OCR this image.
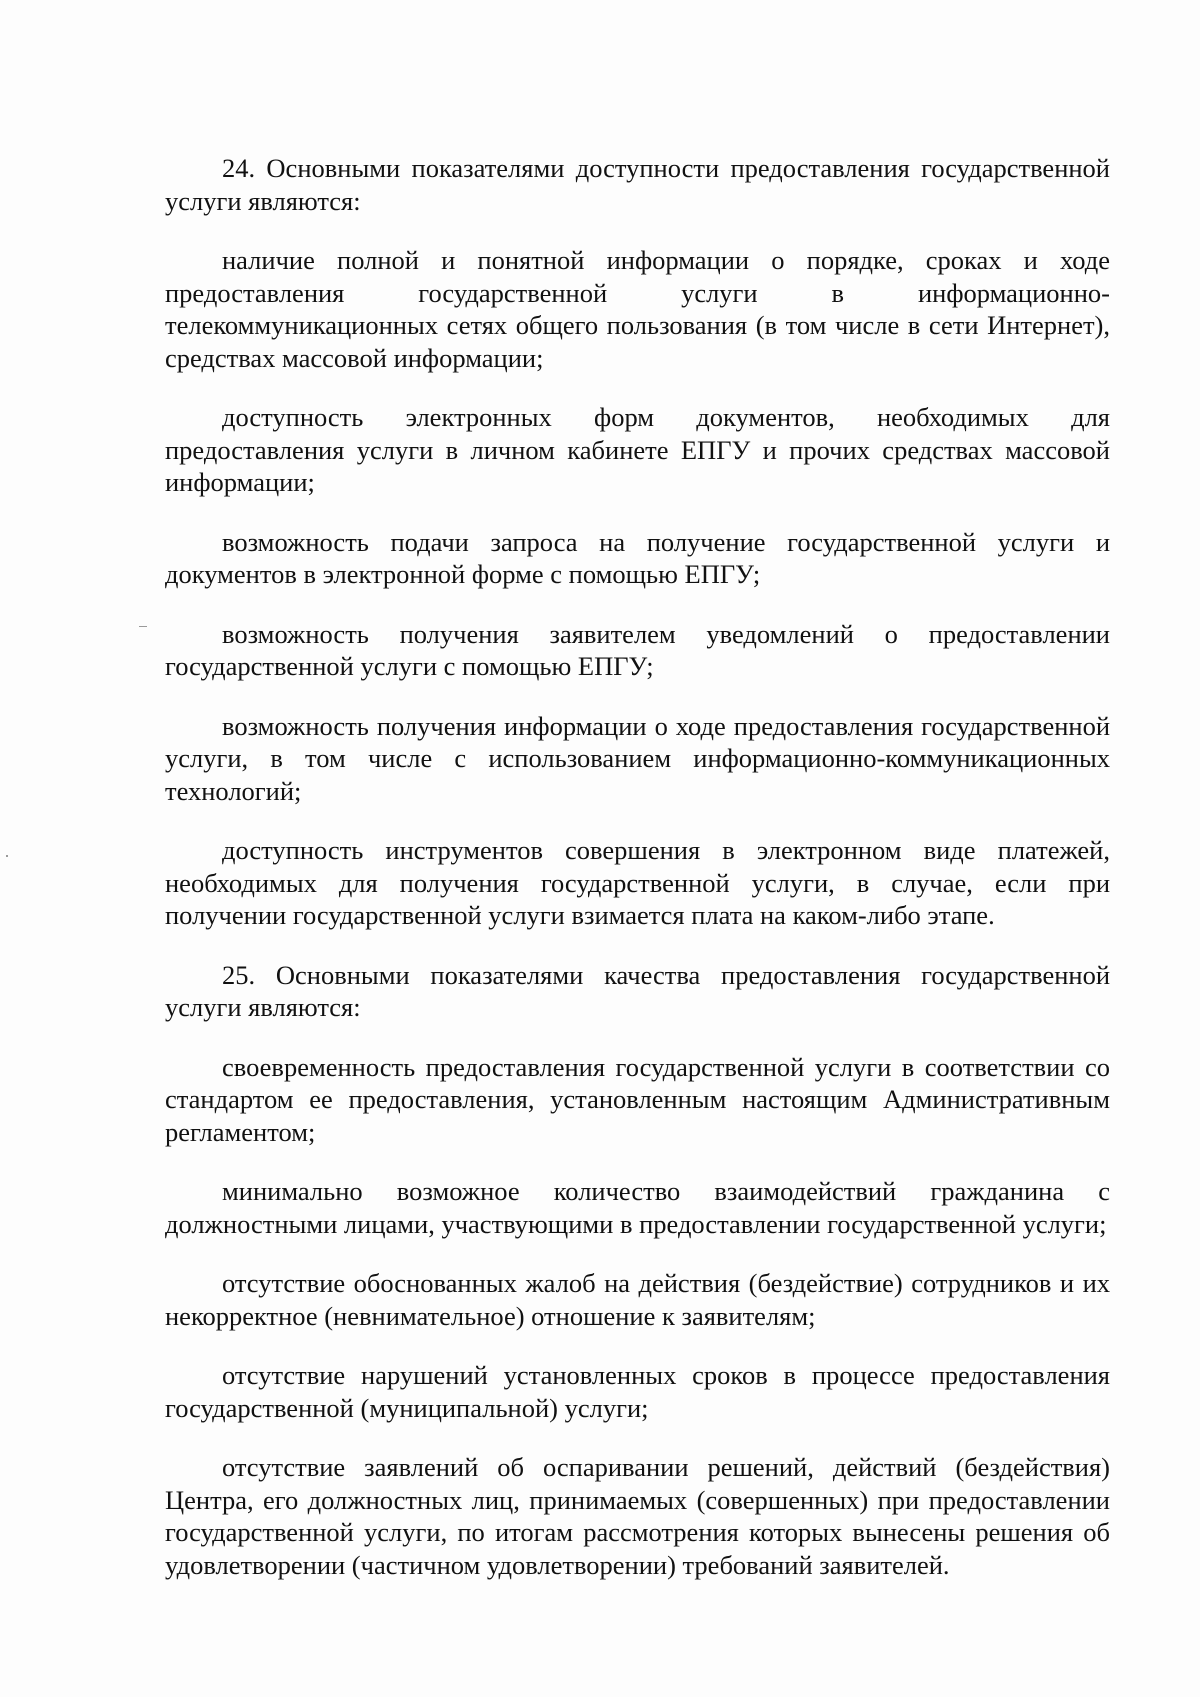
24. Основными показателями доступности предоставления государственной услуги являются:

наличие полной и понятной информации о порядке, сроках и ходе предоставления государственной услуги в информационно-телекоммуникационных сетях общего пользования (в том числе в сети Интернет), средствах массовой информации;

доступность электронных форм документов, необходимых для предоставления услуги в личном кабинете ЕПГУ и прочих средствах массовой информации;

возможность подачи запроса на получение государственной услуги и документов в электронной форме с помощью ЕПГУ;

возможность получения заявителем уведомлений о предоставлении государственной услуги с помощью ЕПГУ;

возможность получения информации о ходе предоставления государственной услуги, в том числе с использованием информационно-коммуникационных технологий;

доступность инструментов совершения в электронном виде платежей, необходимых для получения государственной услуги, в случае, если при получении государственной услуги взимается плата на каком-либо этапе.

25. Основными показателями качества предоставления государственной услуги являются:

своевременность предоставления государственной услуги в соответствии со стандартом ее предоставления, установленным настоящим Административным регламентом;

минимально возможное количество взаимодействий гражданина с должностными лицами, участвующими в предоставлении государственной услуги;

отсутствие обоснованных жалоб на действия (бездействие) сотрудников и их некорректное (невнимательное) отношение к заявителям;

отсутствие нарушений установленных сроков в процессе предоставления государственной (муниципальной) услуги;

отсутствие заявлений об оспаривании решений, действий (бездействия) Центра, его должностных лиц, принимаемых (совершенных) при предоставлении государственной услуги, по итогам рассмотрения которых вынесены решения об удовлетворении (частичном удовлетворении) требований заявителей.
